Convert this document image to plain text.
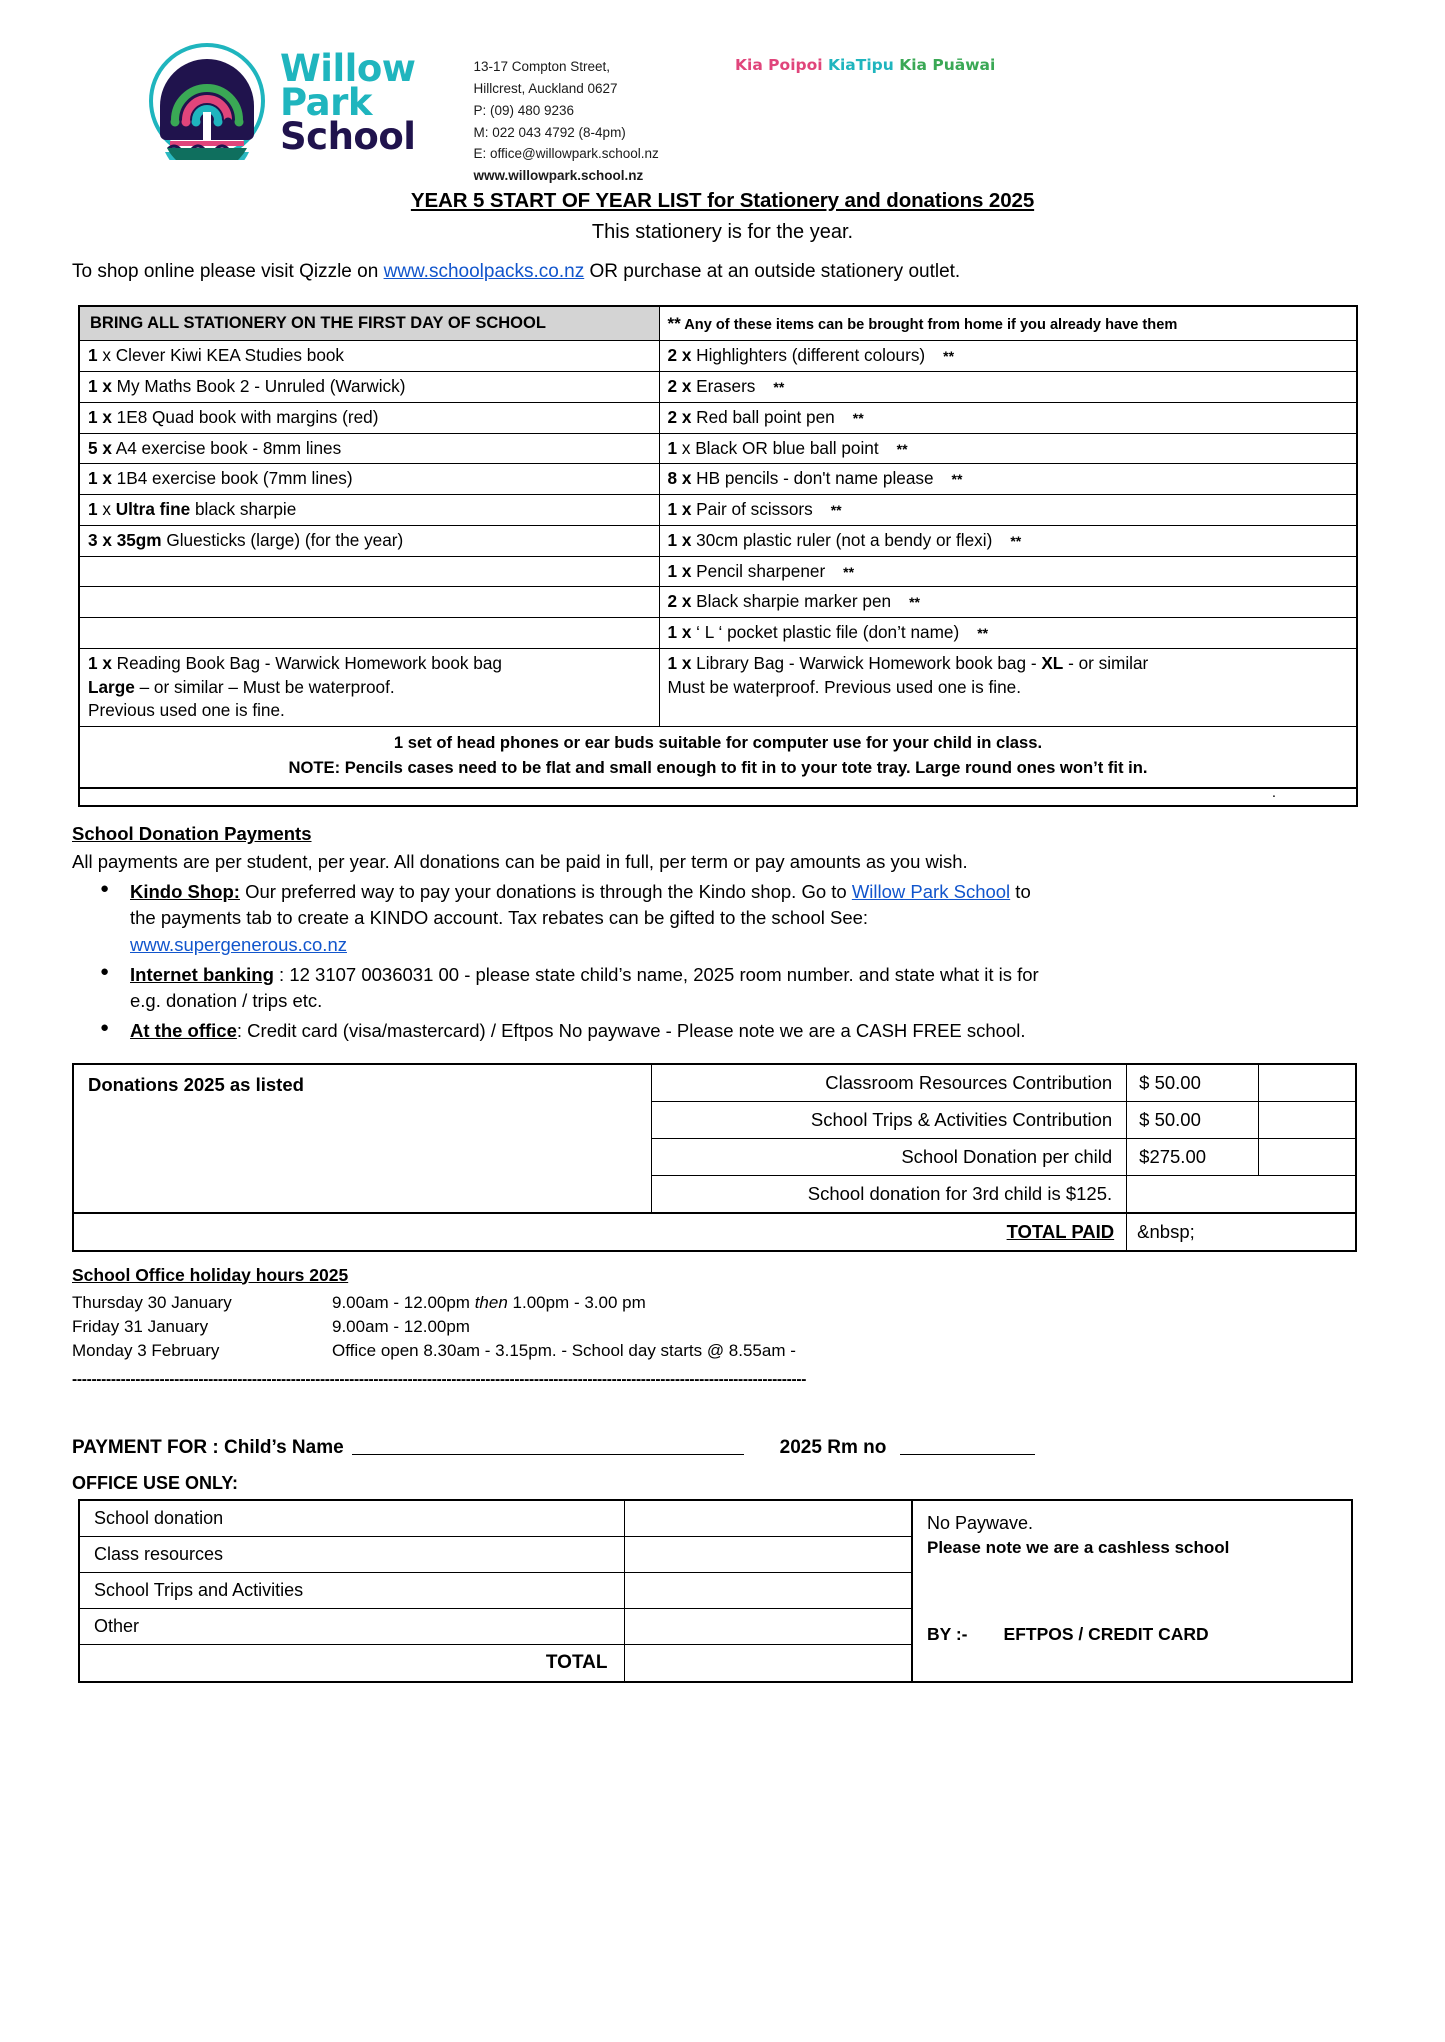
Willow
Park
School
13-17 Compton Street,
Hillcrest, Auckland 0627
P: (09) 480 9236
M: 022 043 4792 (8-4pm)
E: office@willowpark.school.nz
www.willowpark.school.nz
Kia Poipoi KiaTipu Kia Puāwai
YEAR 5 START OF YEAR LIST for Stationery and donations 2025
This stationery is for the year.
To shop online please visit Qizzle on www.schoolpacks.co.nz OR purchase at an outside stationery outlet.
BRING ALL STATIONERY ON THE FIRST DAY OF SCHOOL	** Any of these items can be brought from home if you already have them
1 x Clever Kiwi KEA Studies book	2 x Highlighters (different colours) **
1 x My Maths Book 2 - Unruled (Warwick)	2 x Erasers **
1 x 1E8 Quad book with margins (red)	2 x Red ball point pen **
5 x A4 exercise book - 8mm lines	1 x Black OR blue ball point **
1 x 1B4 exercise book (7mm lines)	8 x HB pencils - don't name please **
1 x Ultra fine black sharpie	1 x Pair of scissors **
3 x 35gm Gluesticks (large) (for the year)	1 x 30cm plastic ruler (not a bendy or flexi) **
	1 x Pencil sharpener **
	2 x Black sharpie marker pen **
	1 x ‘ L ‘ pocket plastic file (don’t name) **
1 x Reading Book Bag - Warwick Homework book bag
Large – or similar – Must be waterproof.
Previous used one is fine.	1 x Library Bag - Warwick Homework book bag - XL - or similar
Must be waterproof. Previous used one is fine.
1 set of head phones or ear buds suitable for computer use for your child in class.
NOTE: Pencils cases need to be flat and small enough to fit in to your tote tray. Large round ones won’t fit in.	

.	
School Donation Payments
All payments are per student, per year. All donations can be paid in full, per term or pay amounts as you wish.
● Kindo Shop: Our preferred way to pay your donations is through the Kindo shop. Go to Willow Park School to the payments tab to create a KINDO account. Tax rebates can be gifted to the school See: www.supergenerous.co.nz
● Internet banking : 12 3107 0036031 00 - please state child’s name, 2025 room number. and state what it is for e.g. donation / trips etc.
● At the office: Credit card (visa/mastercard) / Eftpos No paywave - Please note we are a CASH FREE school.
Donations 2025 as listed	Classroom Resources Contribution	$ 50.00	
	School Trips & Activities Contribution	$ 50.00	
	School Donation per child	$275.00	
	School donation for 3rd child is $125.		
TOTAL PAID		&nbsp;	
School Office holiday hours 2025
Thursday 30 January	9.00am - 12.00pm then 1.00pm - 3.00 pm
Friday 31 January	9.00am - 12.00pm
Monday 3 February	Office open 8.30am - 3.15pm. - School day starts @ 8.55am -
-------------------------------------------------------------------------------------------------------------------------------------------------------
PAYMENT FOR : Child’s Name	2025 Rm no
OFFICE USE ONLY:
School donation	
Class resources	
School Trips and Activities	
Other	
TOTAL	
No Paywave.
Please note we are a cashless school
BY :- EFTPOS / CREDIT CARD
